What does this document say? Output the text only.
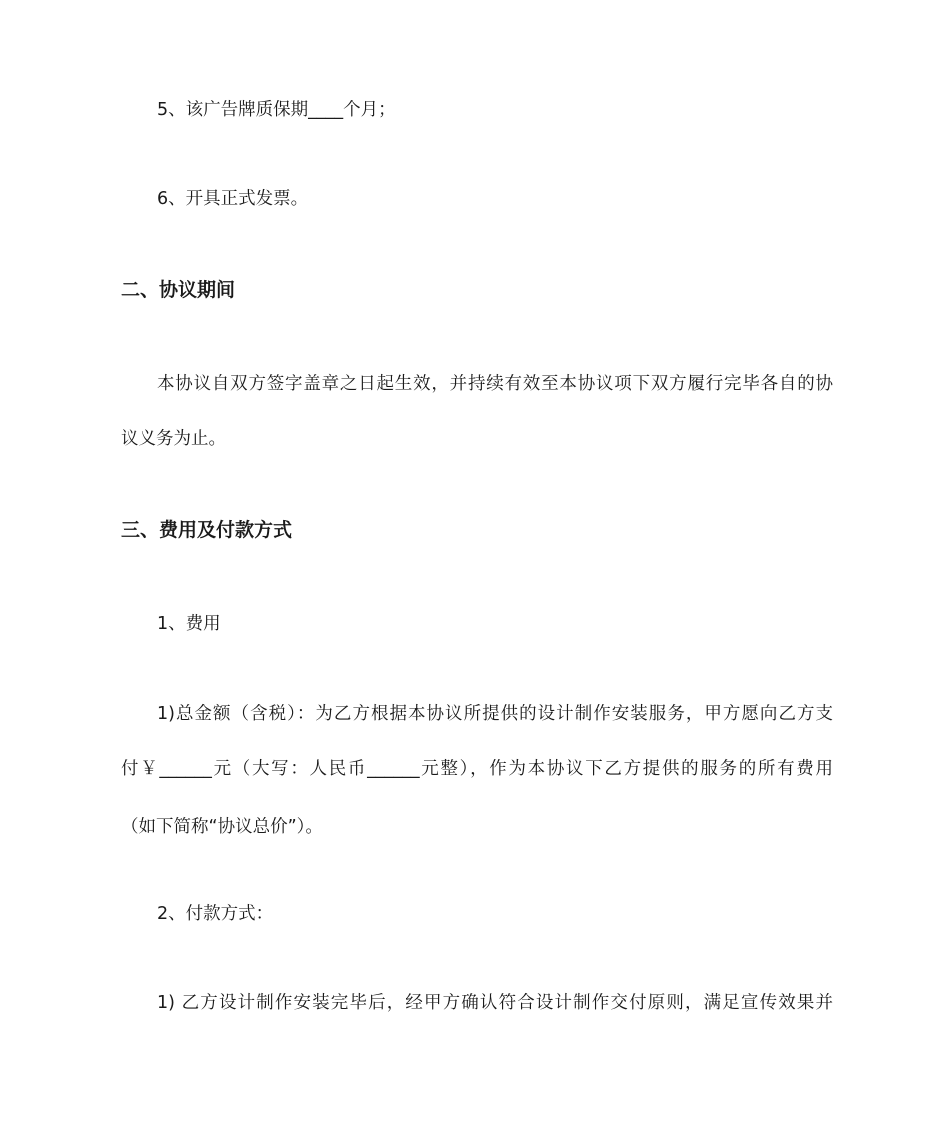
5、该广告牌质保期____个月；
6、开具正式发票。
二、协议期间
本协议自双方签字盖章之日起生效，并持续有效至本协议项下双方履行完毕各自的协
议义务为止。
三、费用及付款方式
1、费用
1)总金额（含税）：为乙方根据本协议所提供的设计制作安装服务，甲方愿向乙方支
付￥______元（大写：人民币______元整），作为本协议下乙方提供的服务的所有费用
（如下简称“协议总价”）。
2、付款方式：
1) 乙方设计制作安装完毕后，经甲方确认符合设计制作交付原则，满足宣传效果并
